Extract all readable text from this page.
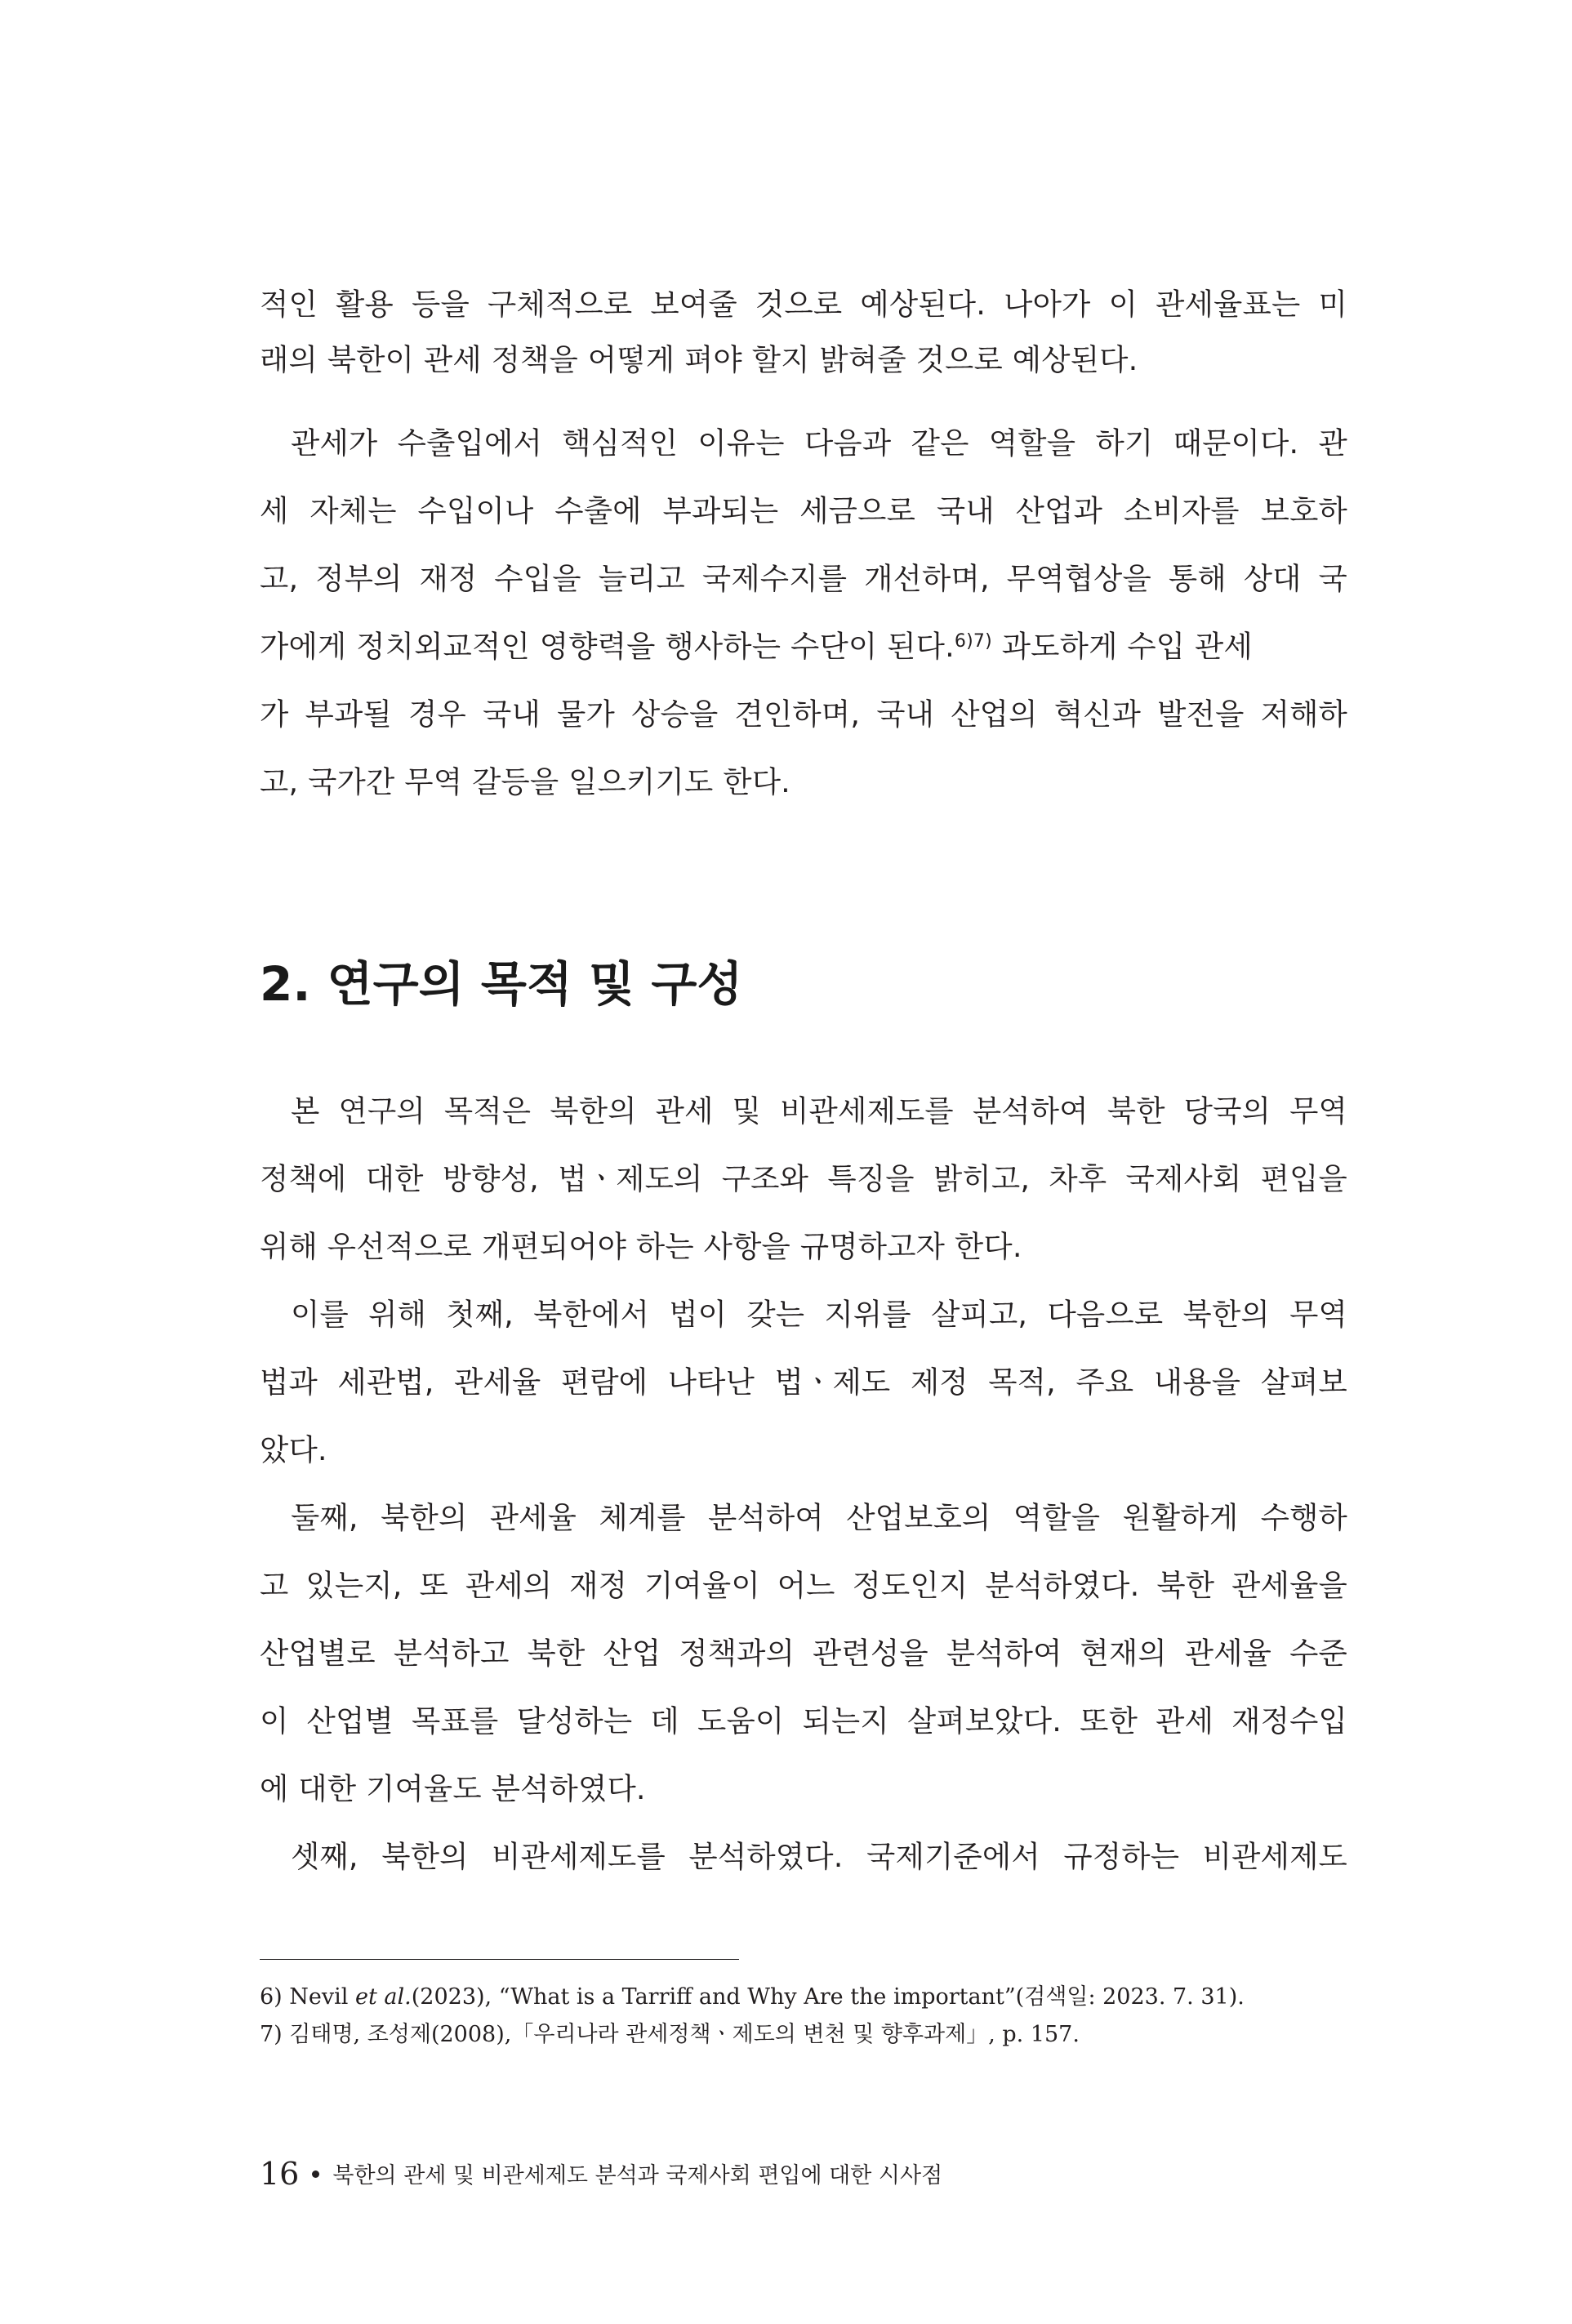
적인 활용 등을 구체적으로 보여줄 것으로 예상된다. 나아가 이 관세율표는 미
래의 북한이 관세 정책을 어떻게 펴야 할지 밝혀줄 것으로 예상된다.
관세가 수출입에서 핵심적인 이유는 다음과 같은 역할을 하기 때문이다. 관
세 자체는 수입이나 수출에 부과되는 세금으로 국내 산업과 소비자를 보호하
고, 정부의 재정 수입을 늘리고 국제수지를 개선하며, 무역협상을 통해 상대 국
가에게 정치외교적인 영향력을 행사하는 수단이 된다.$^{6)7)}$ 과도하게 수입 관세
가 부과될 경우 국내 물가 상승을 견인하며, 국내 산업의 혁신과 발전을 저해하
고, 국가간 무역 갈등을 일으키기도 한다.
2. 연구의 목적 및 구성
본 연구의 목적은 북한의 관세 및 비관세제도를 분석하여 북한 당국의 무역
정책에 대한 방향성, 법ㆍ제도의 구조와 특징을 밝히고, 차후 국제사회 편입을
위해 우선적으로 개편되어야 하는 사항을 규명하고자 한다.
이를 위해 첫째, 북한에서 법이 갖는 지위를 살피고, 다음으로 북한의 무역
법과 세관법, 관세율 편람에 나타난 법ㆍ제도 제정 목적, 주요 내용을 살펴보
았다.
둘째, 북한의 관세율 체계를 분석하여 산업보호의 역할을 원활하게 수행하
고 있는지, 또 관세의 재정 기여율이 어느 정도인지 분석하였다. 북한 관세율을
산업별로 분석하고 북한 산업 정책과의 관련성을 분석하여 현재의 관세율 수준
이 산업별 목표를 달성하는 데 도움이 되는지 살펴보았다. 또한 관세 재정수입
에 대한 기여율도 분석하였다.
셋째, 북한의 비관세제도를 분석하였다. 국제기준에서 규정하는 비관세제도
6) Nevil et al.(2023), “What is a Tarriff and Why Are the important”(검색일: 2023. 7. 31).
7) 김태명, 조성제(2008),「우리나라 관세정책ㆍ제도의 변천 및 향후과제」, p. 157.
16 북한의 관세 및 비관세제도 분석과 국제사회 편입에 대한 시사점
